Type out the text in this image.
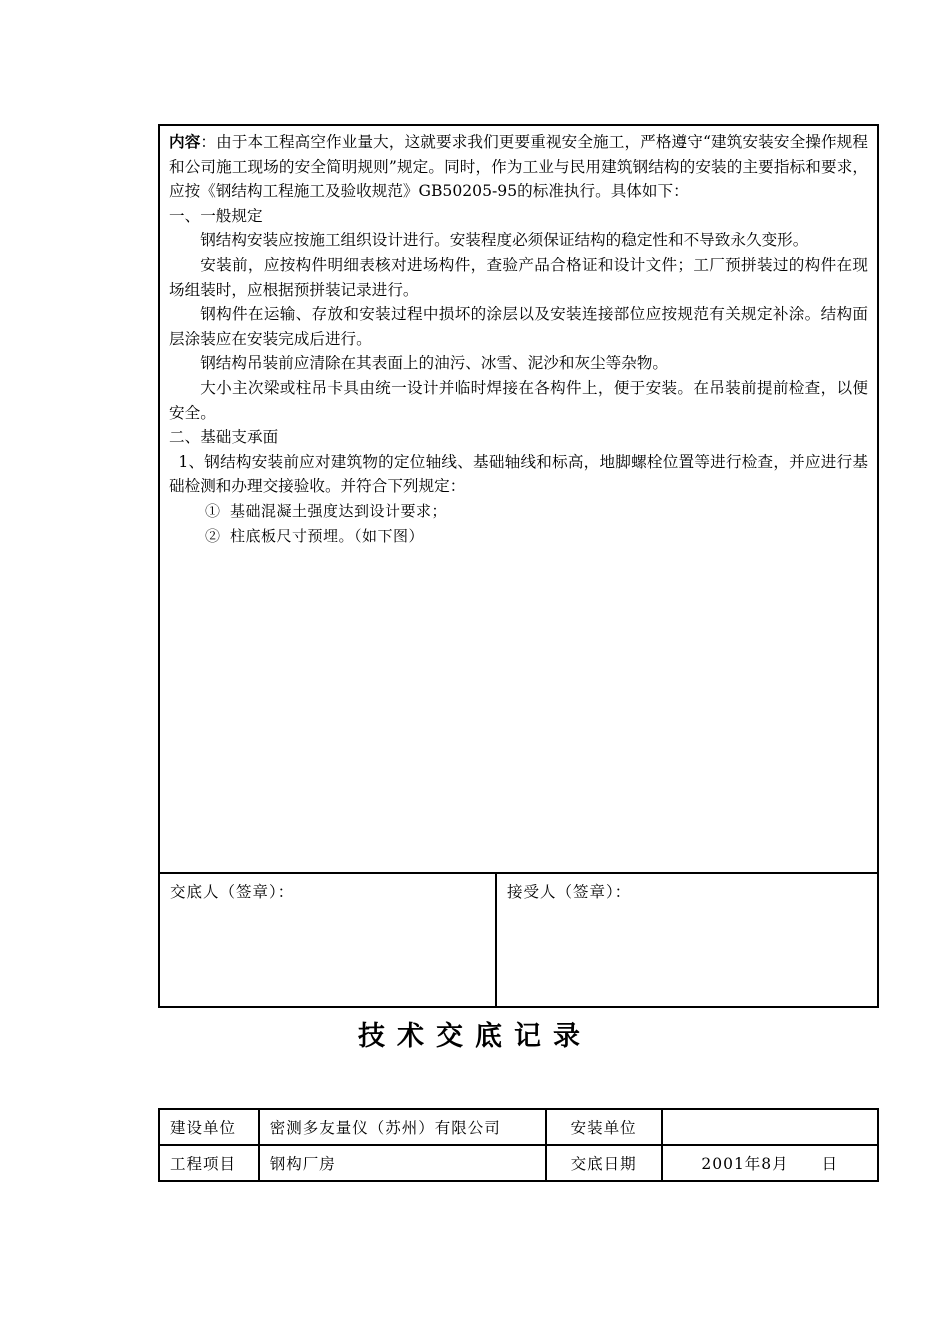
内容：由于本工程高空作业量大，这就要求我们更要重视安全施工，严格遵守“建筑安装安全操作规程和公司施工现场的安全简明规则”规定。同时，作为工业与民用建筑钢结构的安装的主要指标和要求，应按《钢结构工程施工及验收规范》GB50205-95的标准执行。具体如下：

一、一般规定

钢结构安装应按施工组织设计进行。安装程度必须保证结构的稳定性和不导致永久变形。

安装前，应按构件明细表核对进场构件，查验产品合格证和设计文件；工厂预拼装过的构件在现场组装时，应根据预拼装记录进行。

钢构件在运输、存放和安装过程中损坏的涂层以及安装连接部位应按规范有关规定补涂。结构面层涂装应在安装完成后进行。

钢结构吊装前应清除在其表面上的油污、冰雪、泥沙和灰尘等杂物。

大小主次梁或柱吊卡具由统一设计并临时焊接在各构件上，便于安装。在吊装前提前检查，以便安全。

二、基础支承面

1、钢结构安装前应对建筑物的定位轴线、基础轴线和标高，地脚螺栓位置等进行检查，并应进行基础检测和办理交接验收。并符合下列规定：

① 基础混凝土强度达到设计要求；

② 柱底板尺寸预埋。（如下图）

交底人（签章）：	接受人（签章）：
技术交底记录
建设单位	密测多友量仪（苏州）有限公司	安装单位	
工程项目	钢构厂房	交底日期	2001年8月　　日
